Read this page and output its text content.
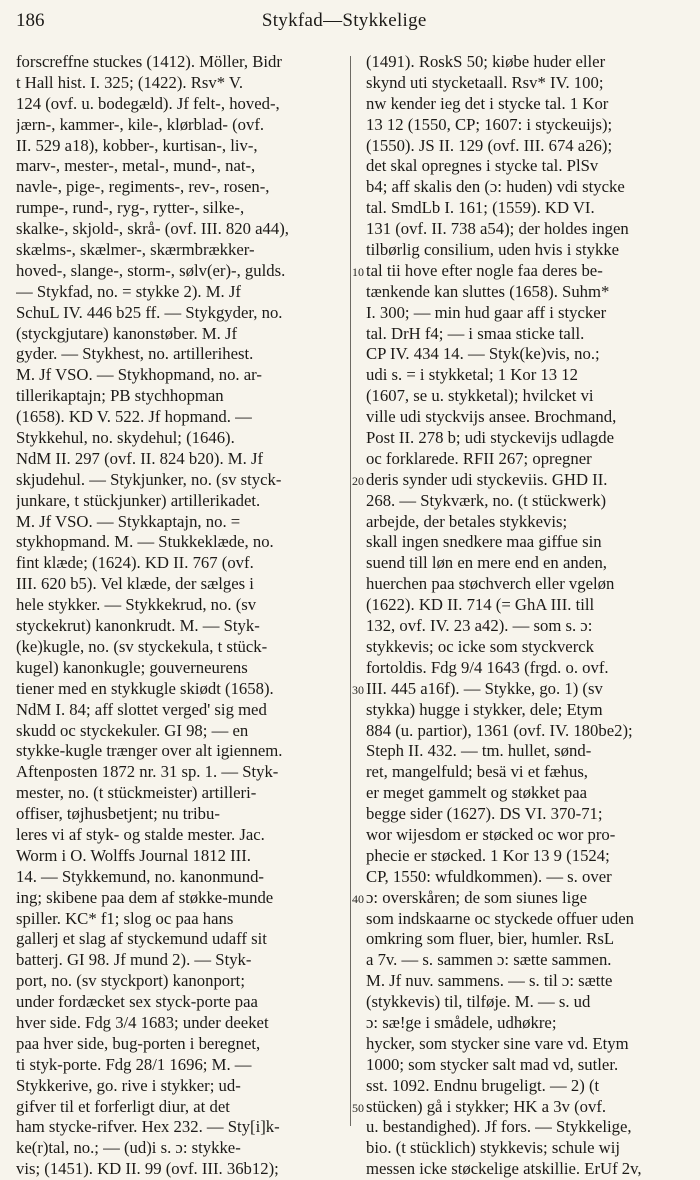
186	Stykfad—Stykkelige
forscreffne stuckes (1412). Möller, Bidr
t Hall hist. I. 325; (1422). Rsv* V.
124 (ovf. u. bodegæld). Jf felt-, hoved-,
jærn-, kammer-, kile-, klørblad- (ovf.
II. 529 a18), kobber-, kurtisan-, liv-,
marv-, mester-, metal-, mund-, nat-,
navle-, pige-, regiments-, rev-, rosen-,
rumpe-, rund-, ryg-, rytter-, silke-,
skalke-, skjold-, skrå- (ovf. III. 820 a44),
skælms-, skælmer-, skærmbrækker-
hoved-, slange-, storm-, sølv(er)-, gulds.
— Stykfad, no. = stykke 2). M. Jf
SchuL IV. 446 b25 ff. — Stykgyder, no.
(styckgjutare) kanonstøber. M. Jf
gyder. — Stykhest, no. artillerihest.
M. Jf VSO. — Stykhopmand, no. ar-
tillerikaptajn; PB stychhopman
(1658). KD V. 522. Jf hopmand. —
Stykkehul, no. skydehul; (1646).
NdM II. 297 (ovf. II. 824 b20). M. Jf
skjudehul. — Stykjunker, no. (sv styck-
junkare, t stückjunker) artillerikadet.
M. Jf VSO. — Stykkaptajn, no. =
stykhopmand. M. — Stukkeklæde, no.
fint klæde; (1624). KD II. 767 (ovf.
III. 620 b5). Vel klæde, der sælges i
hele stykker. — Stykkekrud, no. (sv
styckekrut) kanonkrudt. M. — Styk-
(ke)kugle, no. (sv styckekula, t stück-
kugel) kanonkugle; gouverneurens
tiener med en stykkugle skiødt (1658).
NdM I. 84; aff slottet verged' sig med
skudd oc styckekuler. GI 98; — en
stykke-kugle trænger over alt igiennem.
Aftenposten 1872 nr. 31 sp. 1. — Styk-
mester, no. (t stückmeister) artilleri-
offiser, tøjhusbetjent; nu tribu-
leres vi af styk- og stalde mester. Jac.
Worm i O. Wolffs Journal 1812 III.
14. — Stykkemund, no. kanonmund-
ing; skibene paa dem af støkke-munde
spiller. KC* f1; slog oc paa hans
gallerj et slag af styckemund udaff sit
batterj. GI 98. Jf mund 2). — Styk-
port, no. (sv styckport) kanonport;
under fordæcket sex styck-porte paa
hver side. Fdg 3/4 1683; under deeket
paa hver side, bug-porten i beregnet,
ti styk-porte. Fdg 28/1 1696; M. —
Stykkerive, go. rive i stykker; ud-
gifver til et forferligt diur, at det
ham stycke-rifver. Hex 232. — Sty[i]k-
ke(r)tal, no.; — (ud)i s. ɔ: stykke-
vis; (1451). KD II. 99 (ovf. III. 36b12);
10
20
30
40
50
(1491). RoskS 50; kiøbe huder eller
skynd uti stycketaall. Rsv* IV. 100;
nw kender ieg det i stycke tal. 1 Kor
13 12 (1550, CP; 1607: i styckeuijs);
(1550). JS II. 129 (ovf. III. 674 a26);
det skal opregnes i stycke tal. PlSv
b4; aff skalis den (ɔ: huden) vdi stycke
tal. SmdLb I. 161; (1559). KD VI.
131 (ovf. II. 738 a54); der holdes ingen
tilbørlig consilium, uden hvis i stykke
tal tii hove efter nogle faa deres be-
tænkende kan sluttes (1658). Suhm*
I. 300; — min hud gaar aff i stycker
tal. DrH f4; — i smaa sticke tall.
CP IV. 434 14. — Styk(ke)vis, no.;
udi s. = i stykketal; 1 Kor 13 12
(1607, se u. stykketal); hvilcket vi
ville udi styckvijs ansee. Brochmand,
Post II. 278 b; udi styckevijs udlagde
oc forklarede. RFII 267; opregner
deris synder udi styckeviis. GHD II.
268. — Stykværk, no. (t stückwerk)
arbejde, der betales stykkevis;
skall ingen snedkere maa giffue sin
suend till løn en mere end en anden,
huerchen paa støchverch eller vgeløn
(1622). KD II. 714 (= GhA III. till
132, ovf. IV. 23 a42). — som s. ɔ:
stykkevis; oc icke som styckverck
fortoldis. Fdg 9/4 1643 (frgd. o. ovf.
III. 445 a16f). — Stykke, go. 1) (sv
stykka) hugge i stykker, dele; Etym
884 (u. partior), 1361 (ovf. IV. 180be2);
Steph II. 432. — tm. hullet, sønd-
ret, mangelfuld; besä vi et fæhus,
er meget gammelt og støkket paa
begge sider (1627). DS VI. 370-71;
wor wijesdom er støcked oc wor pro-
phecie er støcked. 1 Kor 13 9 (1524;
CP, 1550: wfuldkommen). — s. over
ɔ: overskåren; de som siunes lige
som indskaarne oc styckede offuer uden
omkring som fluer, bier, humler. RsL
a 7v. — s. sammen ɔ: sætte sammen.
M. Jf nuv. sammens. — s. til ɔ: sætte
(stykkevis) til, tilføje. M. — s. ud
ɔ: sæ!ge i smådele, udhøkre;
hycker, som stycker sine vare vd. Etym
1000; som stycker salt mad vd, sutler.
sst. 1092. Endnu brugeligt. — 2) (t
stücken) gå i stykker; HK a 3v (ovf.
u. bestandighed). Jf fors. — Stykkelige,
bio. (t stücklich) stykkevis; schule wij
messen icke støckelige atskillie. ErUf 2v,
